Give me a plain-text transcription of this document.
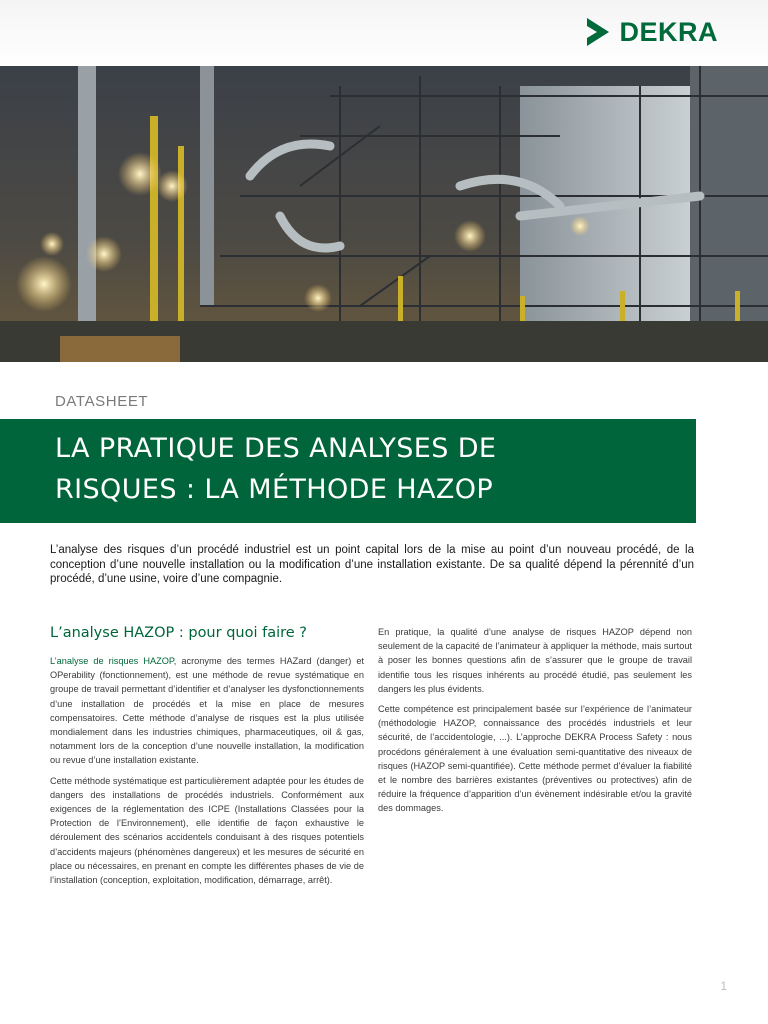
DEKRA
DATASHEET
LA PRATIQUE DES ANALYSES DE
RISQUES : LA MÉTHODE HAZOP
L’analyse des risques d’un procédé industriel est un point capital lors de la mise au point d’un nouveau procédé, de la conception d’une nouvelle installation ou la modification d’une installation existante. De sa qualité dépend la pérennité d’un procédé, d’une usine, voire d’une compagnie.
L’analyse HAZOP : pour quoi faire ?

L’analyse de risques HAZOP, acronyme des termes HAZard (danger) et OPerability (fonctionnement), est une méthode de revue systématique en groupe de travail permettant d’identifier et d’analyser les dysfonctionnements d’une installation de procédés et la mise en place de mesures compensatoires. Cette méthode d’analyse de risques est la plus utilisée mondialement dans les industries chimiques, pharmaceutiques, oil & gas, notamment lors de la conception d’une nouvelle installation, la modification ou revue d’une installation existante.

Cette méthode systématique est particulièrement adaptée pour les études de dangers des installations de procédés industriels. Conformément aux exigences de la réglementation des ICPE (Installations Classées pour la Protection de l’Environnement), elle identifie de façon exhaustive le déroulement des scénarios accidentels conduisant à des risques potentiels d’accidents majeurs (phénomènes dangereux) et les mesures de sécurité en place ou nécessaires, en prenant en compte les différentes phases de vie de l’installation (conception, exploitation, modification, démarrage, arrêt).

En pratique, la qualité d’une analyse de risques HAZOP dépend non seulement de la capacité de l’animateur à appliquer la méthode, mais surtout à poser les bonnes questions afin de s’assurer que le groupe de travail identifie tous les risques inhérents au procédé étudié, pas seulement les dangers les plus évidents.

Cette compétence est principalement basée sur l’expérience de l’animateur (méthodologie HAZOP, connaissance des procédés industriels et leur sécurité, de l’accidentologie, ...). L’approche DEKRA Process Safety : nous procédons généralement à une évaluation semi-quantitative des niveaux de risques (HAZOP semi-quantifiée). Cette méthode permet d’évaluer la fiabilité et le nombre des barrières existantes (préventives ou protectives) afin de réduire la fréquence d’apparition d’un évènement indésirable et/ou la gravité des dommages.

1
